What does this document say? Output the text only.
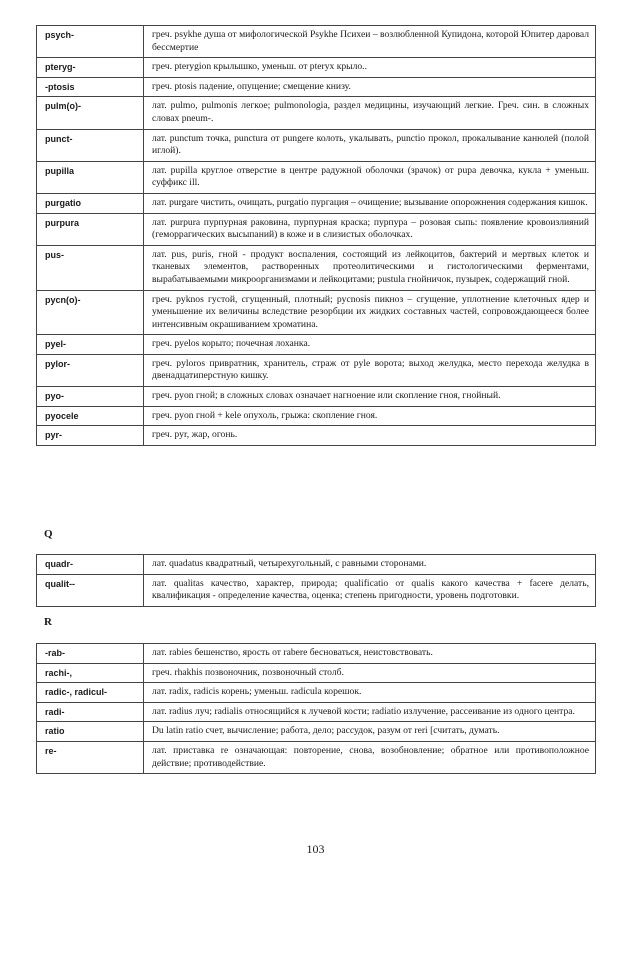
psych-	греч. psykhe душа от мифологической Psykhe Психеи – возлюбленной Купидона, которой Юпитер даровал бессмертие
pteryg-	греч. pterygion крылышко, уменьш. от pteryx крыло..
-ptosis	греч. ptosis падение, опущение; смещение книзу.
pulm(o)-	лат. pulmo, pulmonis легкое; pulmonologia, раздел медицины, изучающий легкие. Греч. син. в сложных словах pneum-.
punct-	лат. punctum точка, punctura от pungere колоть, укалывать, punctio прокол, прокалывание канюлей (полой иглой).
pupilla	лат. pupilla круглое отверстие в центре радужной оболочки (зрачок) от pupa девочка, кукла + уменьш. суффикс ill.
purgatio	лат. purgare чистить, очищать, purgatio пургация – очищение; вызывание опорожнения содержания кишок.
purpura	лат. purpura пурпурная раковина, пурпурная краска; пурпура – розовая сыпь: появление кровоизлияний (геморрагических высыпаний) в коже и в слизистых оболочках.
pus-	лат. pus, puris, гной - продукт воспаления, состоящий из лейкоцитов, бактерий и мертвых клеток и тканевых элементов, растворенных протеолитическими и гистологическими ферментами, вырабатываемыми микроорганизмами и лейкоцитами; pustula гнойничок, пузырек, содержащий гной.
pycn(o)-	греч. pyknos густой, сгущенный, плотный; pycnosis пикноз – сгущение, уплотнение клеточных ядер и уменьшение их величины вследствие резорбции их жидких составных частей, сопровождающееся более интенсивным окрашиванием хроматина.
pyel-	греч. pyelos корыто; почечная лоханка.
pylor-	греч. pyloros привратник, хранитель, страж от pyle ворота; выход желудка, место перехода желудка в двенадцатиперстную кишку.
pyo-	греч. pyon гной; в сложных словах означает нагноение или скопление гноя, гнойный.
pyocele	греч. pyon гной + kele опухоль, грыжа: скопление гноя.
pyr-	греч. pyr, жар, огонь.
Q
quadr-	лат. quadatus квадратный, четырехугольный, с равными сторонами.
qualit--	лат. qualitas качество, характер, природа; qualificatio от qualis какого качества + facere делать, квалификация - определение качества, оценка; степень пригодности, уровень подготовки.
R
-rab-	лат. rabies бешенство, ярость от rabere бесноваться, неистовствовать.
rachi-,	греч. rhakhis позвоночник, позвоночный столб.
radic-, radicul-	лат. radix, radicis корень; уменьш. radicula корешок.
radi-	лат. radius луч; radialis относящийся к лучевой кости; radiatio излучение, рассеивание из одного центра.
ratio	Du latin ratio счет, вычисление; работа, дело; рассудок, разум от reri [считать, думать.
re-	лат. приставка re означающая: повторение, снова, возобновление; обратное или противоположное действие; противодействие.
103
